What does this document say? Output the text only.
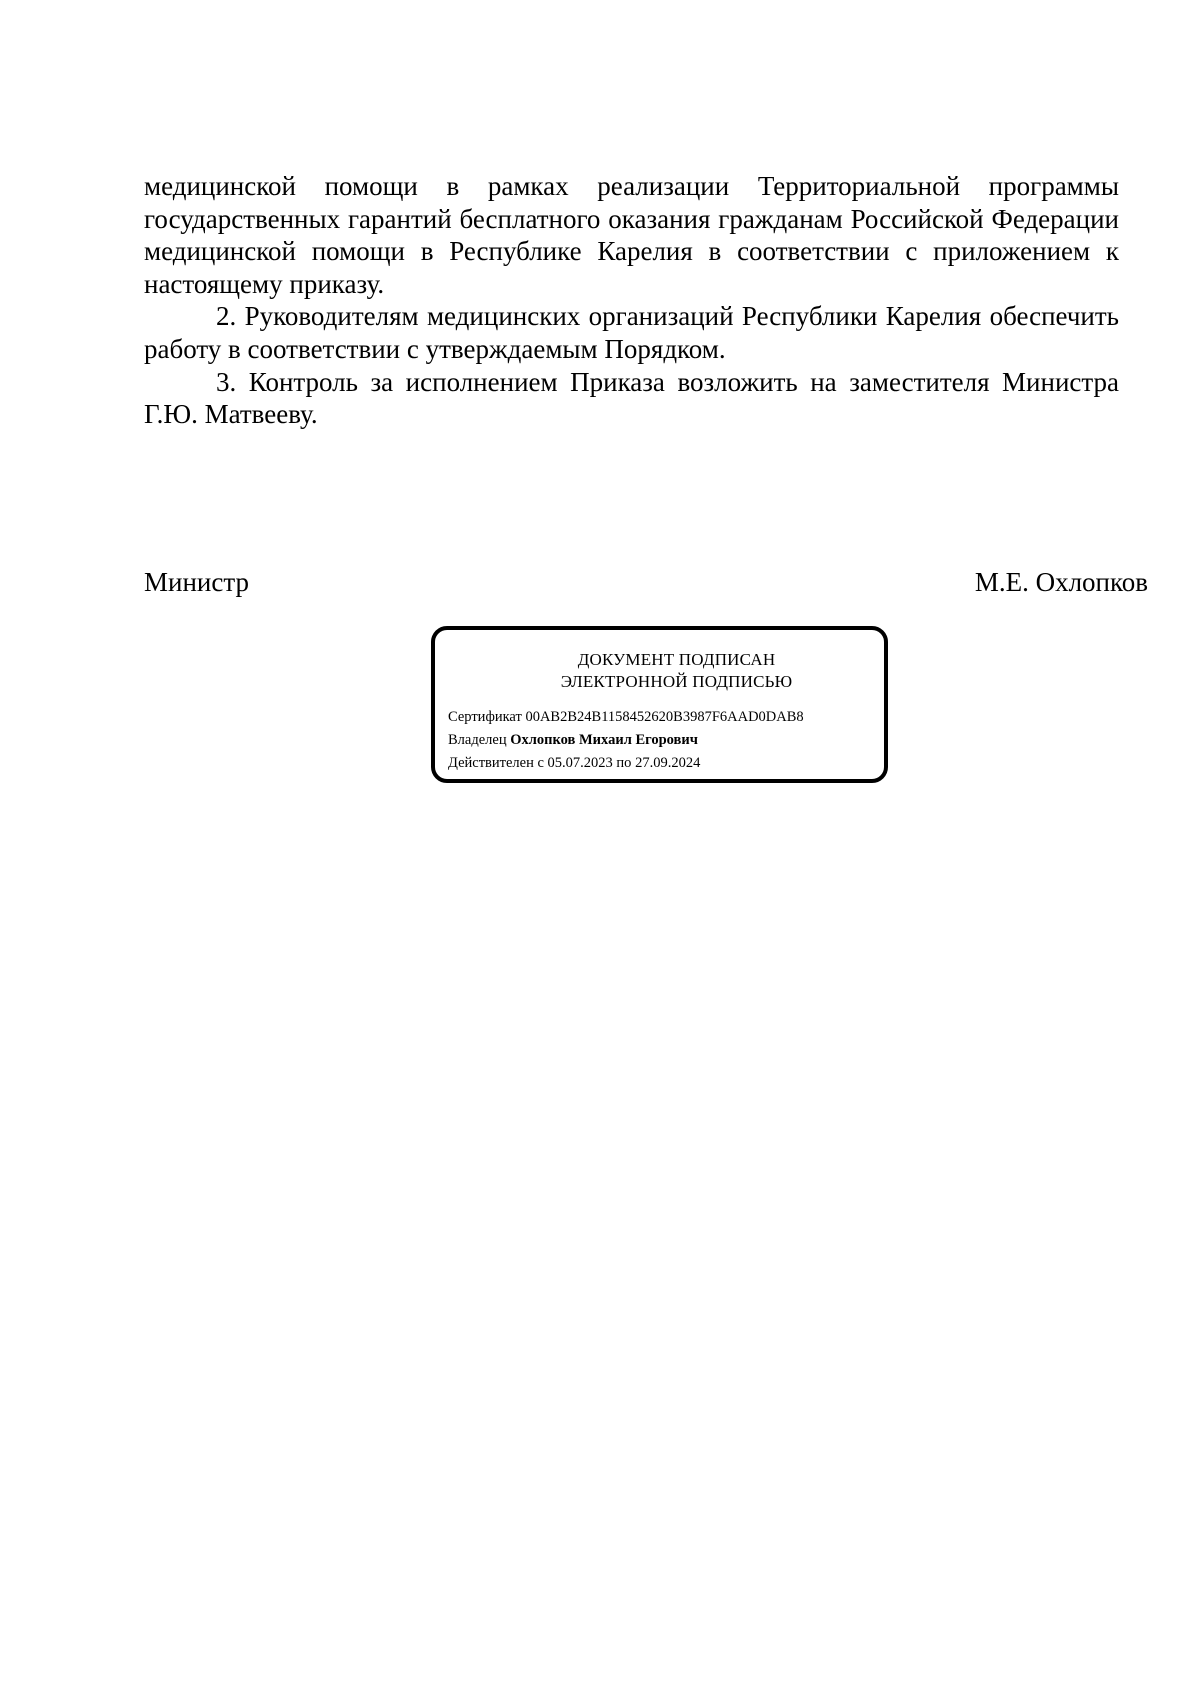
медицинской помощи в рамках реализации Территориальной программы государственных гарантий бесплатного оказания гражданам Российской Федерации медицинской помощи в Республике Карелия в соответствии с приложением к настоящему приказу.

2. Руководителям медицинских организаций Республики Карелия обеспечить работу в соответствии с утверждаемым Порядком.

3. Контроль за исполнением Приказа возложить на заместителя Министра Г.Ю. Матвееву.

Министр	М.Е. Охлопков
ДОКУМЕНТ ПОДПИСАН
ЭЛЕКТРОННОЙ ПОДПИСЬЮ
Сертификат 00AB2B24B1158452620B3987F6AAD0DAB8
Владелец Охлопков Михаил Егорович
Действителен с 05.07.2023 по 27.09.2024
